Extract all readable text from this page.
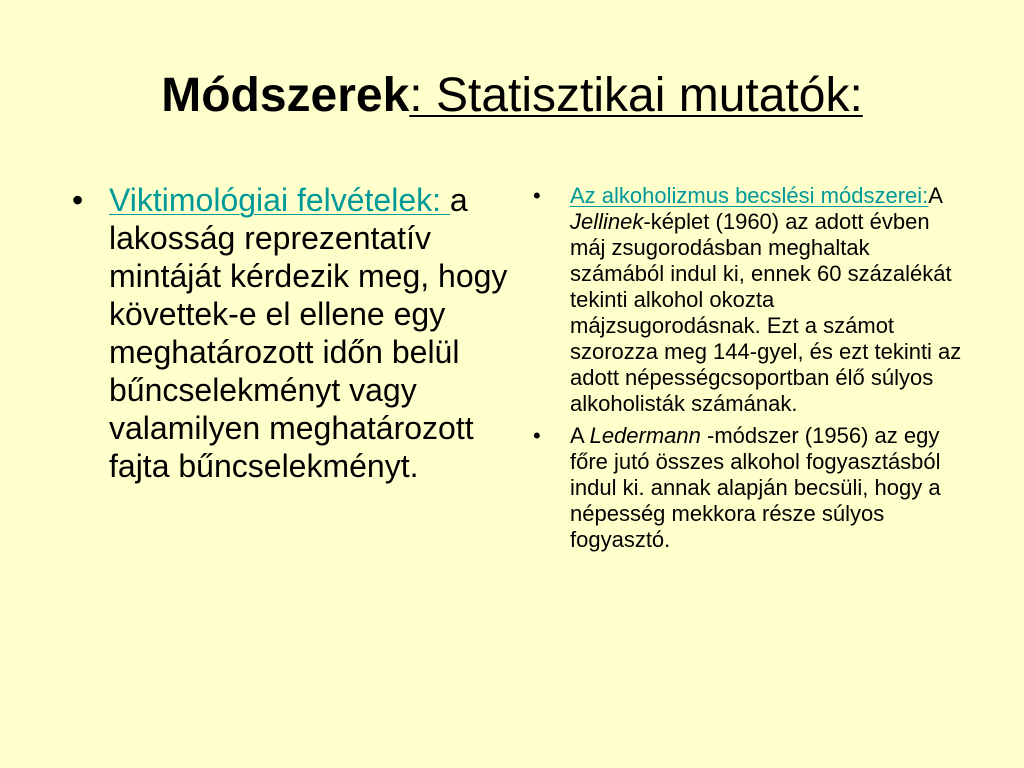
Módszerek: Statisztikai mutatók:
• Viktimológiai felvételek: a lakosság reprezentatív mintáját kérdezik meg, hogy követtek-e el ellene egy meghatározott időn belül bűncselekményt vagy valamilyen meghatározott fajta bűncselekményt.
• Az alkoholizmus becslési módszerei:A Jellinek-képlet (1960) az adott évben máj zsugorodásban meghaltak számából indul ki, ennek 60 százalékát tekinti alkohol okozta májzsugorodásnak. Ezt a számot szorozza meg 144-gyel, és ezt tekinti az adott népességcsoportban élő súlyos alkoholisták számának.
• A Ledermann -módszer (1956) az egy főre jutó összes alkohol fogyasztásból indul ki. annak alapján becsüli, hogy a népesség mekkora része súlyos fogyasztó.
